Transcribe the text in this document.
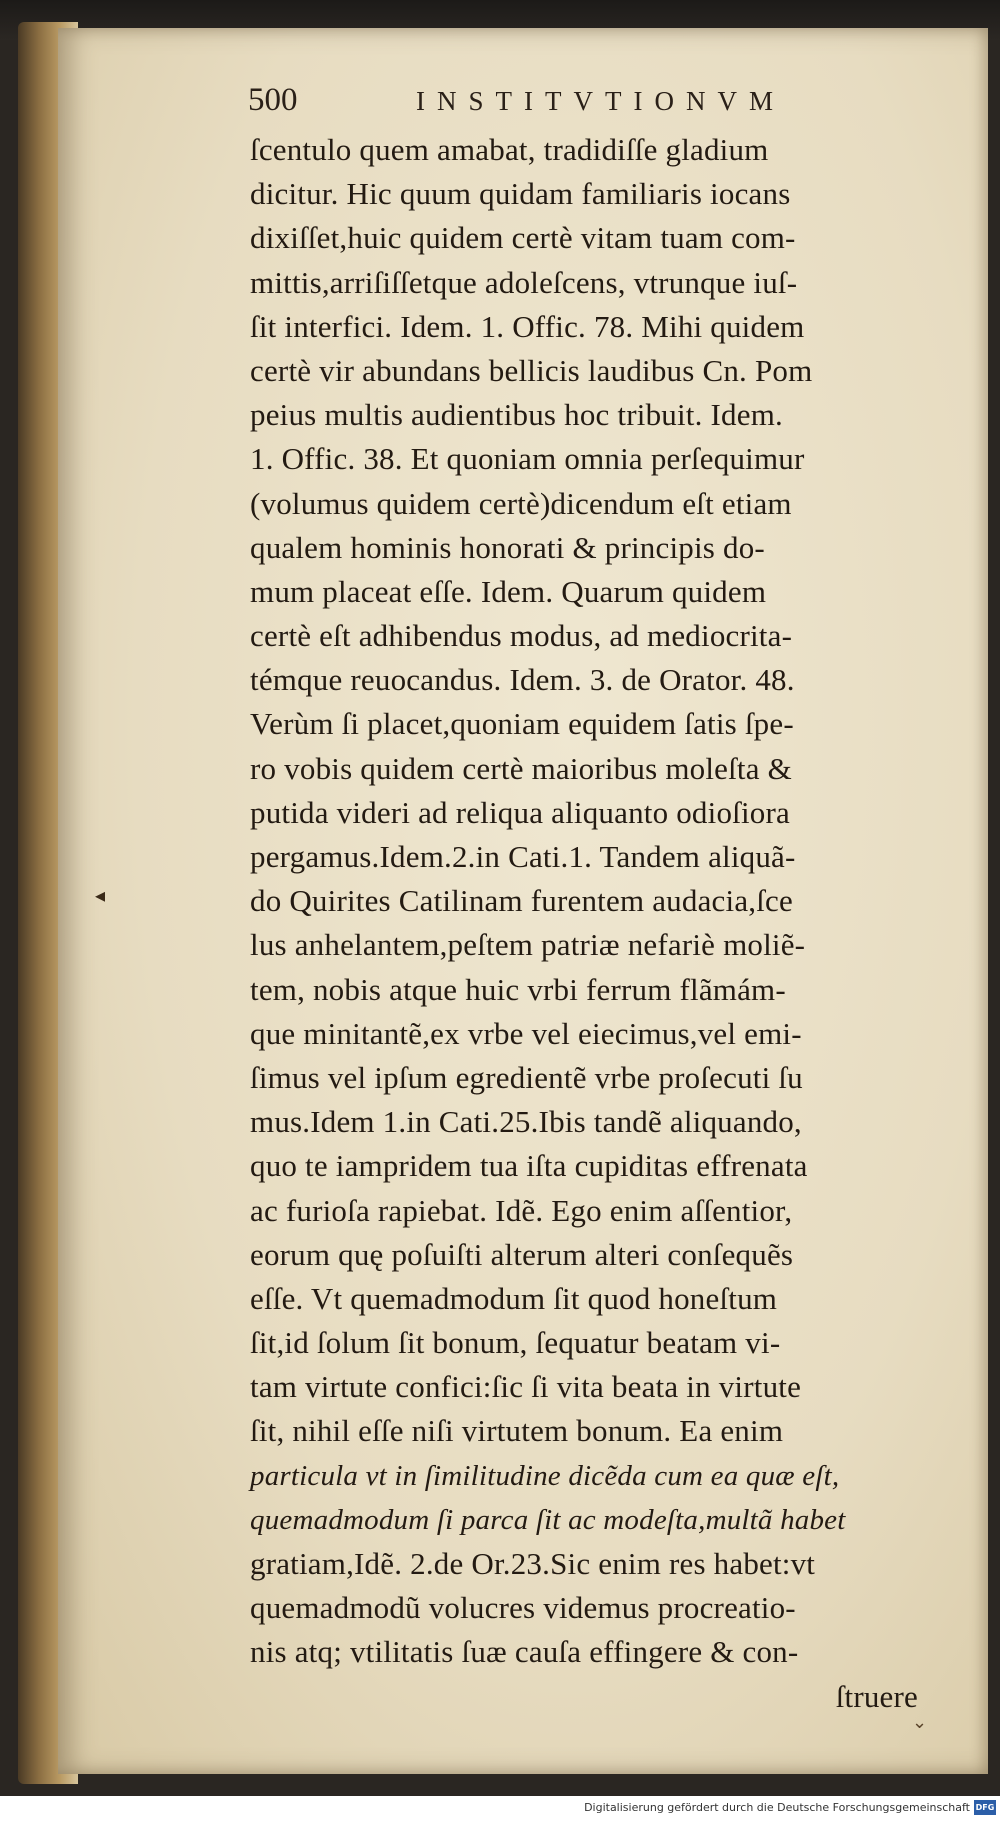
500	INSTITVTIONVM
◂
ſcentulo quem amabat, tradidiſſe gladium
dicitur. Hic quum quidam familiaris iocans
dixiſſet,huic quidem certè vitam tuam com-
mittis,arriſiſſetque adoleſcens, vtrunque iuſ-
ſit interfici. Idem. 1. Offic. 78. Mihi quidem
certè vir abundans bellicis laudibus Cn. Pom
peius multis audientibus hoc tribuit. Idem.
1. Offic. 38. Et quoniam omnia perſequimur
(volumus quidem certè)dicendum eſt etiam
qualem hominis honorati & principis do-
mum placeat eſſe. Idem. Quarum quidem
certè eſt adhibendus modus, ad mediocrita-
témque reuocandus. Idem. 3. de Orator. 48.
Verùm ſi placet,quoniam equidem ſatis ſpe-
ro vobis quidem certè maioribus moleſta &
putida videri ad reliqua aliquanto odioſiora
pergamus.Idem.2.in Cati.1. Tandem aliquã-
do Quirites Catilinam furentem audacia,ſce
lus anhelantem,peſtem patriæ nefariè moliẽ-
tem, nobis atque huic vrbi ferrum flãmám-
que minitantẽ,ex vrbe vel eiecimus,vel emi-
ſimus vel ipſum egredientẽ vrbe proſecuti ſu
mus.Idem 1.in Cati.25.Ibis tandẽ aliquando,
quo te iampridem tua iſta cupiditas effrenata
ac furioſa rapiebat. Idẽ. Ego enim aſſentior,
eorum quę poſuiſti alterum alteri conſequẽs
eſſe. Vt quemadmodum ſit quod honeſtum
ſit,id ſolum ſit bonum, ſequatur beatam vi-
tam virtute confici:ſic ſi vita beata in virtute
ſit, nihil eſſe niſi virtutem bonum. Ea enim
particula vt in ſimilitudine dicẽda cum ea quæ eſt,
quemadmodum ſi parca ſit ac modeſta,multã habet
gratiam,Idẽ. 2.de Or.23.Sic enim res habet:vt
quemadmodũ volucres videmus procreatio-
nis atq; vtilitatis ſuæ cauſa effingere & con-
ſtruere
⌄
Digitalisierung gefördert durch die Deutsche Forschungsgemeinschaft DFG
